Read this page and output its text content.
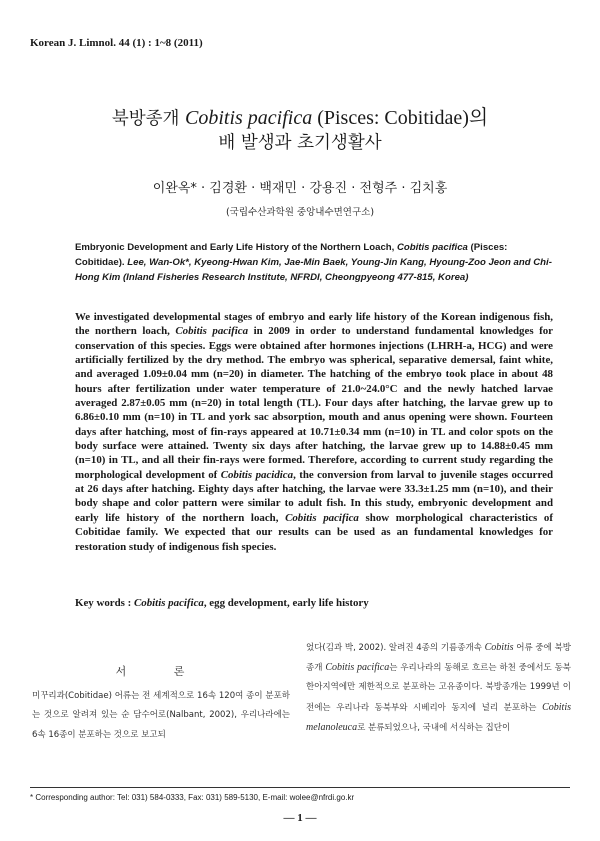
Korean J. Limnol. 44 (1) : 1~8 (2011)
북방종개 Cobitis pacifica (Pisces: Cobitidae)의
배 발생과 초기생활사
이완옥* · 김경환 · 백재민 · 강용진 · 전형주 · 김치홍
(국립수산과학원 중앙내수면연구소)
Embryonic Development and Early Life History of the Northern Loach, Cobitis pacifica (Pisces: Cobitidae). Lee, Wan-Ok*, Kyeong-Hwan Kim, Jae-Min Baek, Young-Jin Kang, Hyoung-Zoo Jeon and Chi-Hong Kim (Inland Fisheries Research Institute, NFRDI, Cheongpyeong 477-815, Korea)
We investigated developmental stages of embryo and early life history of the Korean indigenous fish, the northern loach, Cobitis pacifica in 2009 in order to understand fundamental knowledges for conservation of this species. Eggs were obtained after hormones injections (LHRH-a, HCG) and were artificially fertilized by the dry method. The embryo was spherical, separative demersal, faint white, and averaged 1.09±0.04 mm (n=20) in diameter. The hatching of the embryo took place in about 48 hours after fertilization under water temperature of 21.0~24.0°C and the newly hatched larvae averaged 2.87±0.05 mm (n=20) in total length (TL). Four days after hatching, the larvae grew up to 6.86±0.10 mm (n=10) in TL and york sac absorption, mouth and anus opening were shown. Fourteen days after hatching, most of fin-rays appeared at 10.71±0.34 mm (n=10) in TL and color spots on the body surface were attained. Twenty six days after hatching, the larvae grew up to 14.88±0.45 mm (n=10) in TL, and all their fin-rays were formed. Therefore, according to current study regarding the morphological development of Cobitis pacidica, the conversion from larval to juvenile stages occurred at 26 days after hatching. Eighty days after hatching, the larvae were 33.3±1.25 mm (n=10), and their body shape and color pattern were similar to adult fish. In this study, embryonic development and early life history of the northern loach, Cobitis pacifica show morphological characteristics of Cobitidae family. We expected that our results can be used as an fundamental knowledges for restoration study of indigenous fish species.
Key words : Cobitis pacifica, egg development, early life history
서 론
미꾸리과(Cobitidae) 어류는 전 세계적으로 16속 120여 종이 분포하는 것으로 알려져 있는 순 담수어로(Nalbant, 2002), 우리나라에는 6속 16종이 분포하는 것으로 보고되
었다(김과 박, 2002). 알려진 4종의 기름종개속 Cobitis 어류 중에 북방종개 Cobitis pacifica는 우리나라의 동해로 흐르는 하천 중에서도 동북한아지역에만 제한적으로 분포하는 고유종이다. 북방종개는 1999년 이전에는 우리나라 동북부와 시베리아 동지에 널리 분포하는 Cobitis melanoleuca로 분류되었으나, 국내에 서식하는 집단이
* Corresponding author: Tel: 031) 584-0333, Fax: 031) 589-5130, E-mail: wolee@nfrdi.go.kr
— 1 —
